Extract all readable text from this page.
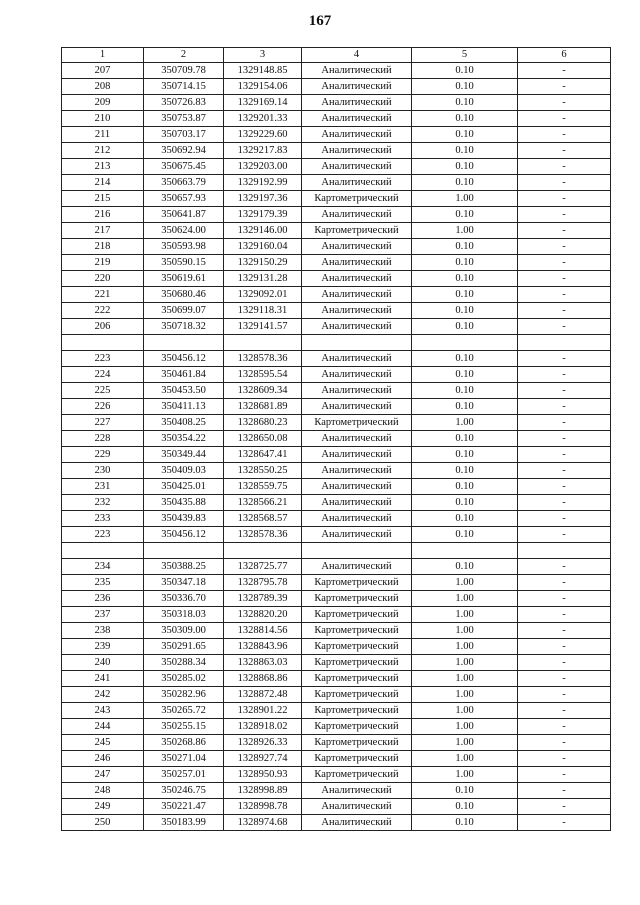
167
1	2	3	4	5	6
207	350709.78	1329148.85	Аналитический	0.10	-
208	350714.15	1329154.06	Аналитический	0.10	-
209	350726.83	1329169.14	Аналитический	0.10	-
210	350753.87	1329201.33	Аналитический	0.10	-
211	350703.17	1329229.60	Аналитический	0.10	-
212	350692.94	1329217.83	Аналитический	0.10	-
213	350675.45	1329203.00	Аналитический	0.10	-
214	350663.79	1329192.99	Аналитический	0.10	-
215	350657.93	1329197.36	Картометрический	1.00	-
216	350641.87	1329179.39	Аналитический	0.10	-
217	350624.00	1329146.00	Картометрический	1.00	-
218	350593.98	1329160.04	Аналитический	0.10	-
219	350590.15	1329150.29	Аналитический	0.10	-
220	350619.61	1329131.28	Аналитический	0.10	-
221	350680.46	1329092.01	Аналитический	0.10	-
222	350699.07	1329118.31	Аналитический	0.10	-
206	350718.32	1329141.57	Аналитический	0.10	-

223	350456.12	1328578.36	Аналитический	0.10	-
224	350461.84	1328595.54	Аналитический	0.10	-
225	350453.50	1328609.34	Аналитический	0.10	-
226	350411.13	1328681.89	Аналитический	0.10	-
227	350408.25	1328680.23	Картометрический	1.00	-
228	350354.22	1328650.08	Аналитический	0.10	-
229	350349.44	1328647.41	Аналитический	0.10	-
230	350409.03	1328550.25	Аналитический	0.10	-
231	350425.01	1328559.75	Аналитический	0.10	-
232	350435.88	1328566.21	Аналитический	0.10	-
233	350439.83	1328568.57	Аналитический	0.10	-
223	350456.12	1328578.36	Аналитический	0.10	-

234	350388.25	1328725.77	Аналитический	0.10	-
235	350347.18	1328795.78	Картометрический	1.00	-
236	350336.70	1328789.39	Картометрический	1.00	-
237	350318.03	1328820.20	Картометрический	1.00	-
238	350309.00	1328814.56	Картометрический	1.00	-
239	350291.65	1328843.96	Картометрический	1.00	-
240	350288.34	1328863.03	Картометрический	1.00	-
241	350285.02	1328868.86	Картометрический	1.00	-
242	350282.96	1328872.48	Картометрический	1.00	-
243	350265.72	1328901.22	Картометрический	1.00	-
244	350255.15	1328918.02	Картометрический	1.00	-
245	350268.86	1328926.33	Картометрический	1.00	-
246	350271.04	1328927.74	Картометрический	1.00	-
247	350257.01	1328950.93	Картометрический	1.00	-
248	350246.75	1328998.89	Аналитический	0.10	-
249	350221.47	1328998.78	Аналитический	0.10	-
250	350183.99	1328974.68	Аналитический	0.10	-
